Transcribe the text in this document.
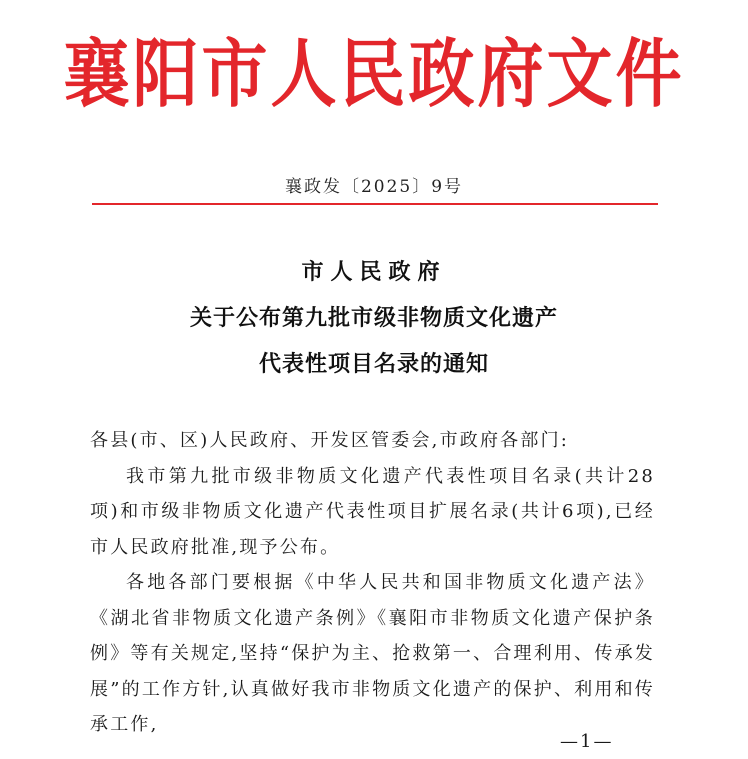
襄阳市人民政府文件
襄政发〔2025〕9号
市人民政府
关于公布第九批市级非物质文化遗产
代表性项目名录的通知

各县(市、区)人民政府、开发区管委会,市政府各部门:

我市第九批市级非物质文化遗产代表性项目名录(共计28项)和市级非物质文化遗产代表性项目扩展名录(共计6项),已经市人民政府批准,现予公布。

各地各部门要根据《中华人民共和国非物质文化遗产法》《湖北省非物质文化遗产条例》《襄阳市非物质文化遗产保护条例》等有关规定,坚持“保护为主、抢救第一、合理利用、传承发展”的工作方针,认真做好我市非物质文化遗产的保护、利用和传承工作,

—1—
